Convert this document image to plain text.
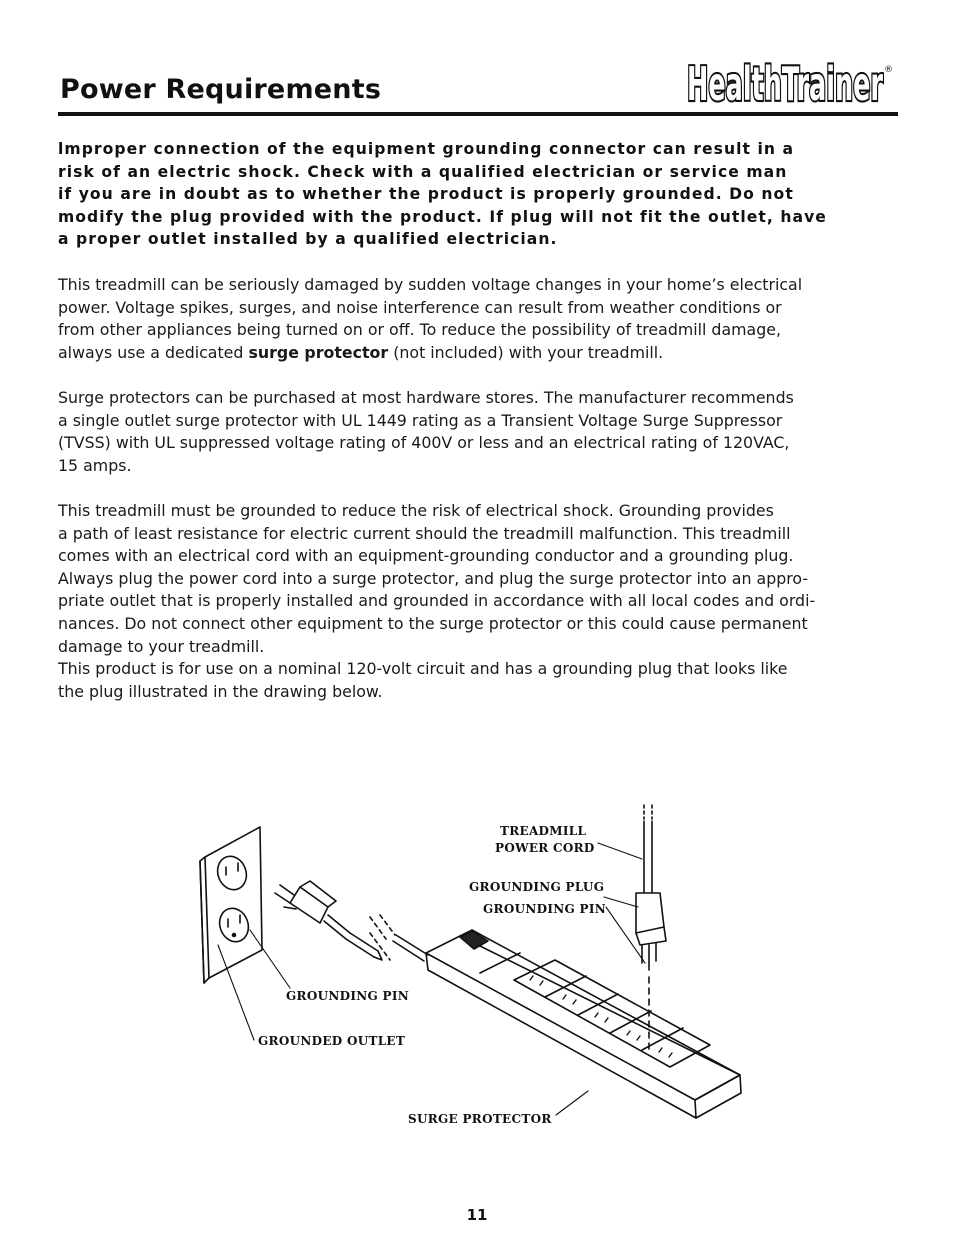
Power Requirements	HealthTrainer ®
lmproper connection of the equipment grounding connector can result in a
risk of an electric shock. Check with a qualified electrician or service man
if you are in doubt as to whether the product is properly grounded. Do not
modify the plug provided with the product. If plug will not fit the outlet, have
a proper outlet installed by a qualified electrician.
This treadmill can be seriously damaged by sudden voltage changes in your home’s electrical
power. Voltage spikes, surges, and noise interference can result from weather conditions or
from other appliances being turned on or off. To reduce the possibility of treadmill damage,
always use a dedicated surge protector (not included) with your treadmill.
Surge protectors can be purchased at most hardware stores. The manufacturer recommends
a single outlet surge protector with UL 1449 rating as a Transient Voltage Surge Suppressor
(TVSS) with UL suppressed voltage rating of 400V or less and an electrical rating of 120VAC,
15 amps.
This treadmill must be grounded to reduce the risk of electrical shock. Grounding provides
a path of least resistance for electric current should the treadmill malfunction. This treadmill
comes with an electrical cord with an equipment-grounding conductor and a grounding plug.
Always plug the power cord into a surge protector, and plug the surge protector into an appro-
priate outlet that is properly installed and grounded in accordance with all local codes and ordi-
nances. Do not connect other equipment to the surge protector or this could cause permanent
damage to your treadmill.
This product is for use on a nominal 120-volt circuit and has a grounding plug that looks like
the plug illustrated in the drawing below.
TREADMILL
POWER CORD
GROUNDING PLUG
GROUNDING PIN
GROUNDING PIN
GROUNDED OUTLET
SURGE PROTECTOR
11
